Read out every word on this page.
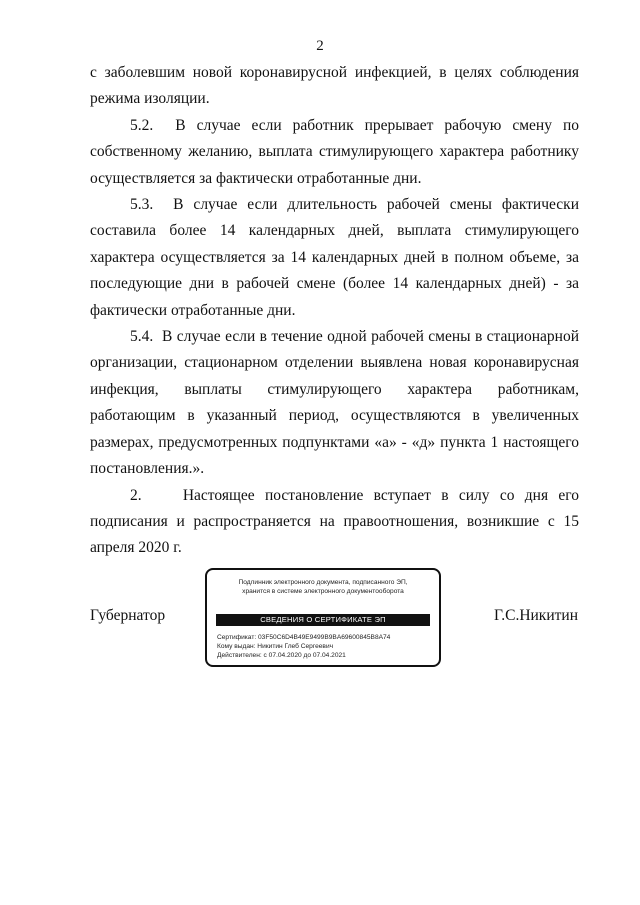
2

с заболевшим новой коронавирусной инфекцией, в целях соблюдения режима изоляции.

5.2.  В случае если работник прерывает рабочую смену по собственному желанию, выплата стимулирующего характера работнику осуществляется за фактически отработанные дни.

5.3.  В случае если длительность рабочей смены фактически составила более 14 календарных дней, выплата стимулирующего характера осуществляется за 14 календарных дней в полном объеме, за последующие дни в рабочей смене (более 14 календарных дней) - за фактически отработанные дни.

5.4.  В случае если в течение одной рабочей смены в стационарной организации, стационарном отделении выявлена новая коронавирусная инфекция, выплаты стимулирующего характера работникам, работающим в указанный период, осуществляются в увеличенных размерах, предусмотренных подпунктами «а» - «д» пункта 1 настоящего постановления.».

2.    Настоящее постановление вступает в силу со дня его подписания и распространяется на правоотношения, возникшие с 15 апреля 2020 г.

Губернатор
Подлинник электронного документа, подписанного ЭП,
хранится в системе электронного документооборота
СВЕДЕНИЯ О СЕРТИФИКАТЕ ЭП
Сертификат: 03F50C6D4B49E9499B9BA69600845B8A74
Кому выдан: Никитин Глеб Сергеевич
Действителен: с 07.04.2020 до 07.04.2021
Г.С.Никитин
